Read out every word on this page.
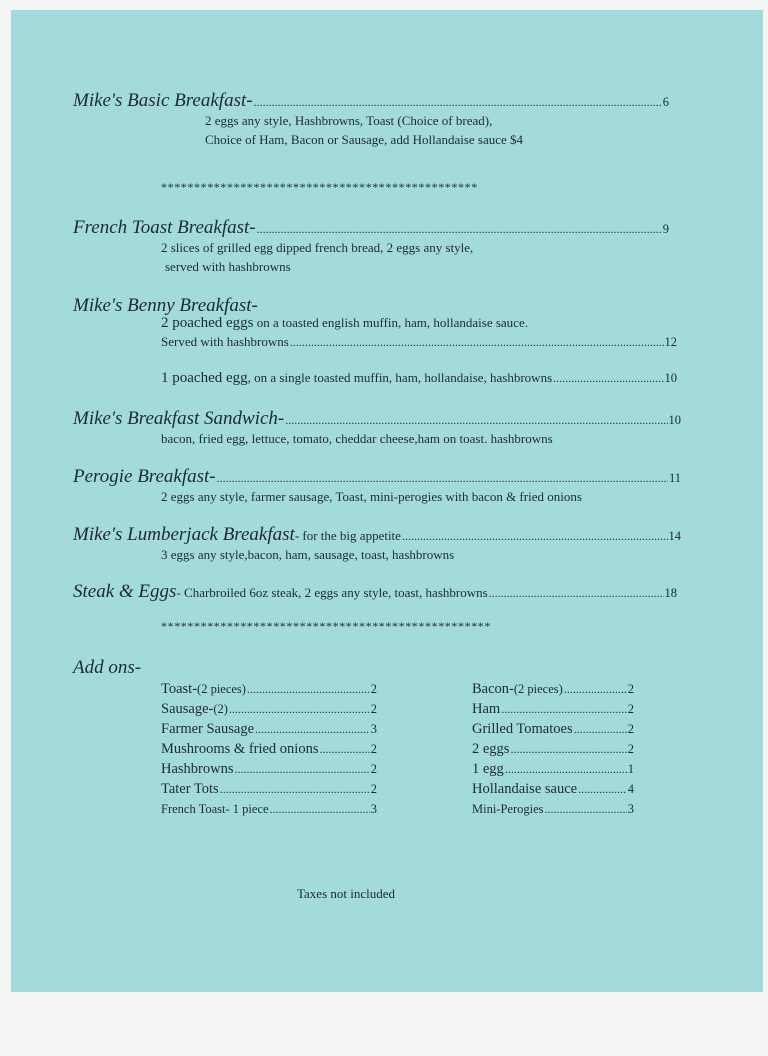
Mike's Basic Breakfast- .....	6
2 eggs any style, Hashbrowns, Toast (Choice of bread),
Choice of Ham, Bacon or Sausage, add Hollandaise sauce $4
************************************************
French Toast Breakfast- .....	9
2 slices of grilled egg dipped french bread, 2 eggs any style,
served with hashbrowns
Mike's Benny Breakfast-
2 poached eggs on a toasted english muffin, ham, hollandaise sauce.
Served with hashbrowns .....	12
1 poached egg , on a single toasted muffin, ham, hollandaise, hashbrowns .....	10
Mike's Breakfast Sandwich- .....	10
bacon, fried egg, lettuce, tomato, cheddar cheese,ham on toast. hashbrowns
Perogie Breakfast- .....	11
2 eggs any style, farmer sausage, Toast, mini-perogies with bacon & fried onions
Mike's Lumberjack Breakfast - for the big appetite .....	14
3 eggs any style,bacon, ham, sausage, toast, hashbrowns
Steak & Eggs - Charbroiled 6oz steak, 2 eggs any style, toast, hashbrowns .....	18
**************************************************
Add ons-
Toast- (2 pieces) .....	2
Sausage- (2) .....	2
Farmer Sausage .....	3
Mushrooms & fried onions .....	2
Hashbrowns .....	2
Tater Tots .....	2
French Toast- 1 piece .....	3
Bacon- (2 pieces) .....	2
Ham .....	2
Grilled Tomatoes .....	2
2 eggs .....	2
1 egg .....	1
Hollandaise sauce .....	4
Mini-Perogies .....	3
Taxes not included
